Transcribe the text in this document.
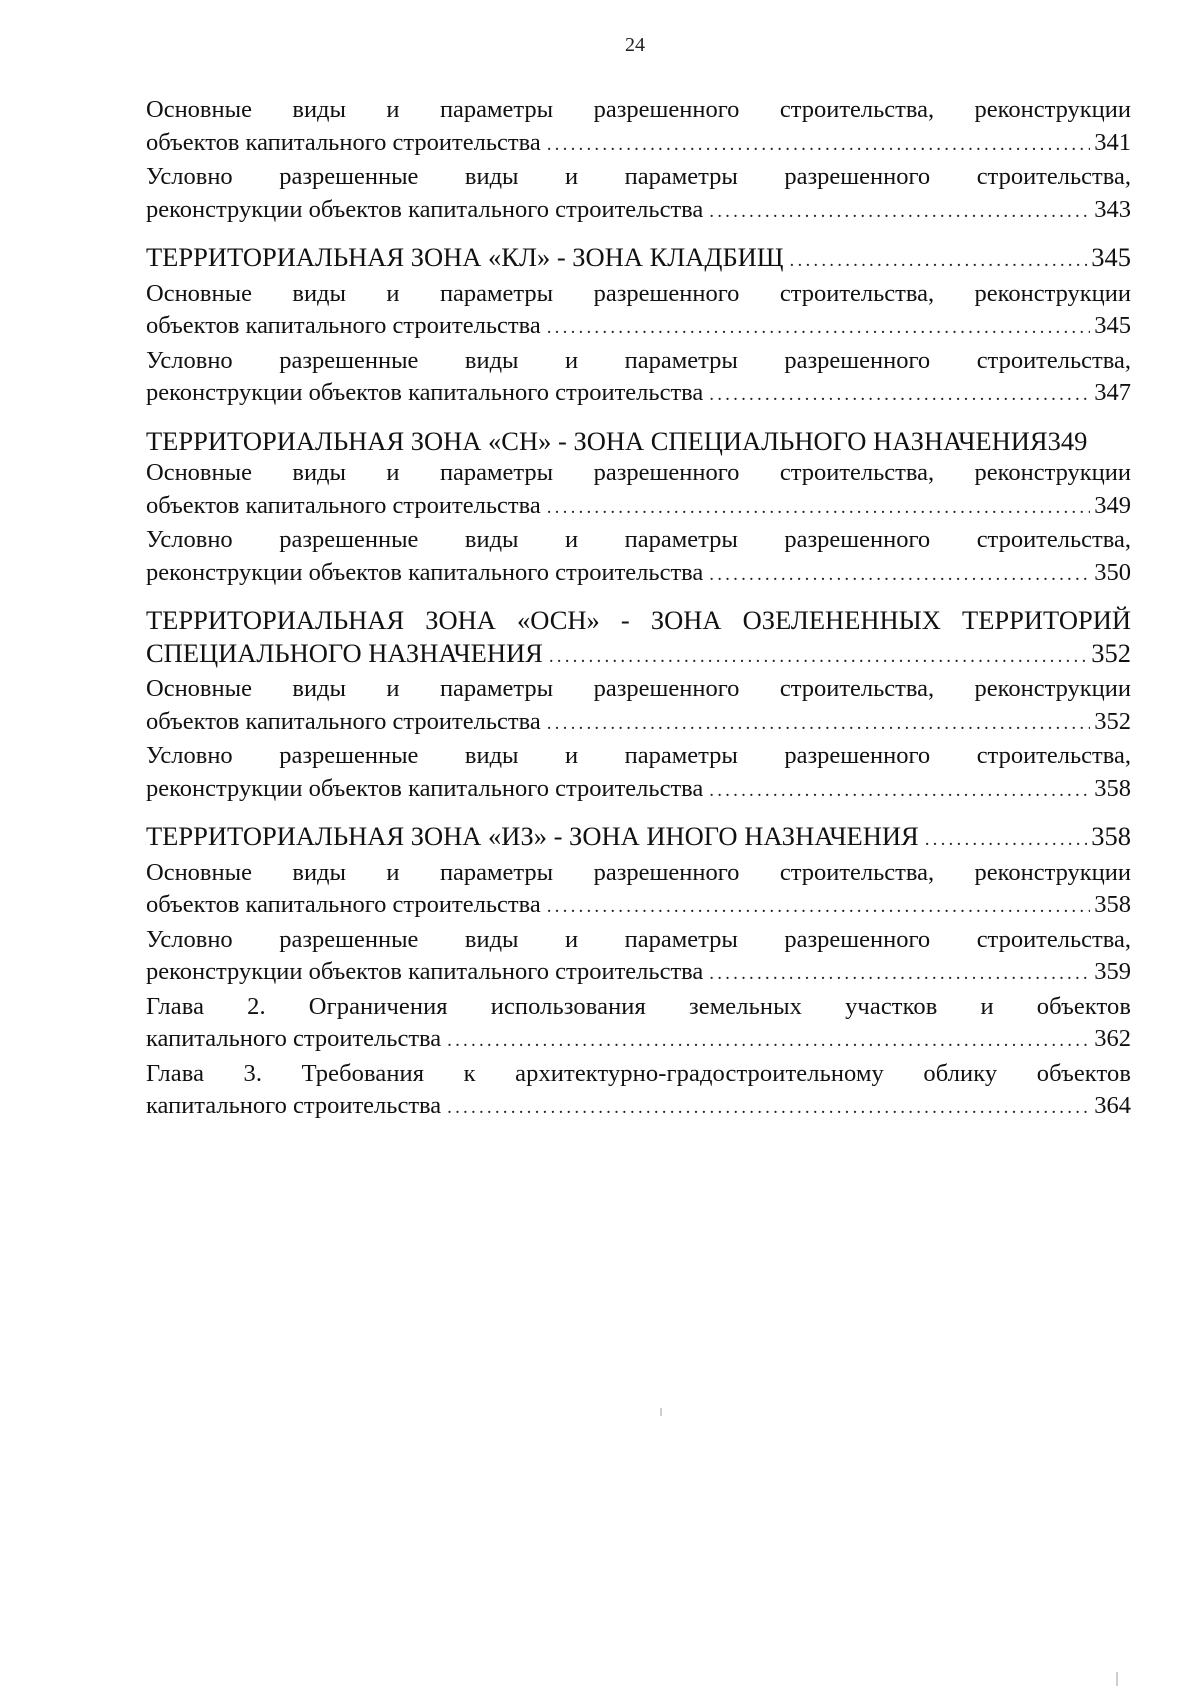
24
Основные виды и параметры разрешенного строительства, реконструкции
объектов капитального строительства .....	341
Условно разрешенные виды и параметры разрешенного строительства,
реконструкции объектов капитального строительства .....	343
ТЕРРИТОРИАЛЬНАЯ ЗОНА «КЛ» - ЗОНА КЛАДБИЩ .....	345
Основные виды и параметры разрешенного строительства, реконструкции
объектов капитального строительства .....	345
Условно разрешенные виды и параметры разрешенного строительства,
реконструкции объектов капитального строительства .....	347
ТЕРРИТОРИАЛЬНАЯ ЗОНА «СН» - ЗОНА СПЕЦИАЛЬНОГО НАЗНАЧЕНИЯ 349
Основные виды и параметры разрешенного строительства, реконструкции
объектов капитального строительства .....	349
Условно разрешенные виды и параметры разрешенного строительства,
реконструкции объектов капитального строительства .....	350
ТЕРРИТОРИАЛЬНАЯ ЗОНА «ОСН» - ЗОНА ОЗЕЛЕНЕННЫХ ТЕРРИТОРИЙ
СПЕЦИАЛЬНОГО НАЗНАЧЕНИЯ .....	352
Основные виды и параметры разрешенного строительства, реконструкции
объектов капитального строительства .....	352
Условно разрешенные виды и параметры разрешенного строительства,
реконструкции объектов капитального строительства .....	358
ТЕРРИТОРИАЛЬНАЯ ЗОНА «ИЗ» - ЗОНА ИНОГО НАЗНАЧЕНИЯ .....	358
Основные виды и параметры разрешенного строительства, реконструкции
объектов капитального строительства .....	358
Условно разрешенные виды и параметры разрешенного строительства,
реконструкции объектов капитального строительства .....	359
Глава 2. Ограничения использования земельных участков и объектов
капитального строительства .....	362
Глава 3. Требования к архитектурно-градостроительному облику объектов
капитального строительства .....	364
